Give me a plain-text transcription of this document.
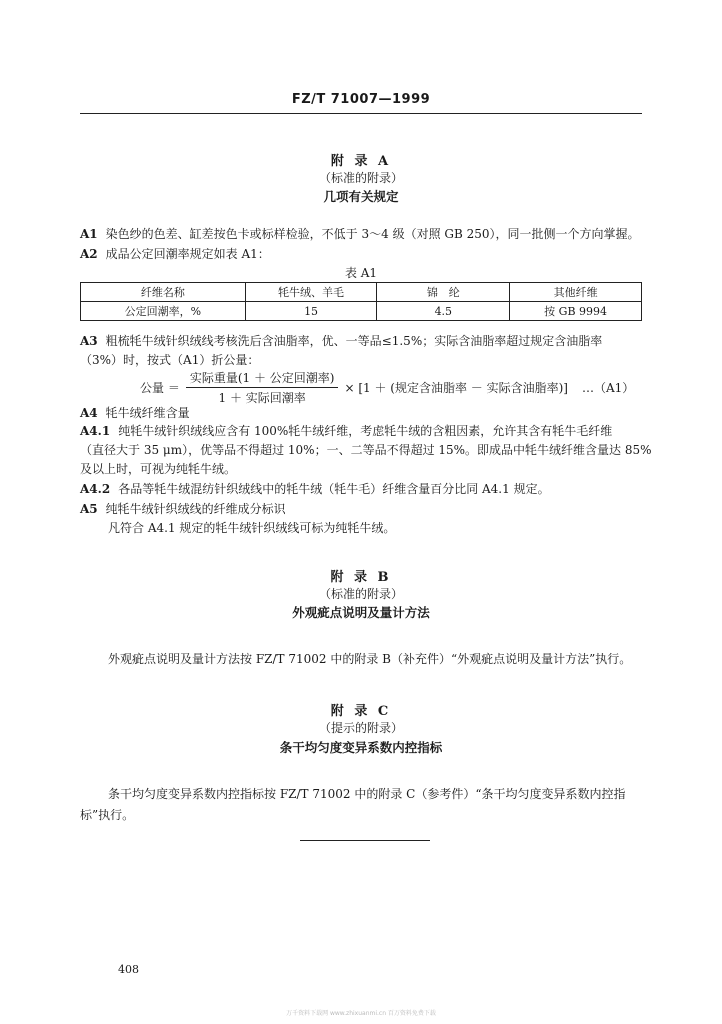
FZ/T 71007—1999
附 录 A
（标准的附录）
几项有关规定
A1 染色纱的色差、缸差按色卡或标样检验，不低于 3～4 级（对照 GB 250），同一批侧一个方向掌握。
A2 成品公定回潮率规定如表 A1：
表 A1
纤维名称	牦牛绒、羊毛	锦　纶	其他纤维
公定回潮率，%	15	4.5	按 GB 9994
A3 粗梳牦牛绒针织绒线考核洗后含油脂率，优、一等品≤1.5%；实际含油脂率超过规定含油脂率
（3%）时，按式（A1）折公量：
公量 ＝ $\frac{\text{实际重量(1 ＋ 公定回潮率)}}{\text{1 ＋ 实际回潮率}} \times [1$ ＋ (规定含油脂率 － 实际含油脂率)] …（A1）
A4 牦牛绒纤维含量
A4.1 纯牦牛绒针织绒线应含有 100%牦牛绒纤维，考虑牦牛绒的含粗因素，允许其含有牦牛毛纤维
（直径大于 35 μm），优等品不得超过 10%；一、二等品不得超过 15%。即成品中牦牛绒纤维含量达 85%
及以上时，可视为纯牦牛绒。
A4.2 各品等牦牛绒混纺针织绒线中的牦牛绒（牦牛毛）纤维含量百分比同 A4.1 规定。
A5 纯牦牛绒针织绒线的纤维成分标识
凡符合 A4.1 规定的牦牛绒针织绒线可标为纯牦牛绒。
附 录 B
（标准的附录）
外观疵点说明及量计方法
外观疵点说明及量计方法按 FZ/T 71002 中的附录 B（补充件）“外观疵点说明及量计方法”执行。
附 录 C
（提示的附录）
条干均匀度变异系数内控指标
条干均匀度变异系数内控指标按 FZ/T 71002 中的附录 C（参考件）“条干均匀度变异系数内控指
标”执行。
408
万千资料下载网 www.zhixuanmi.cn 百万资料免费下载
